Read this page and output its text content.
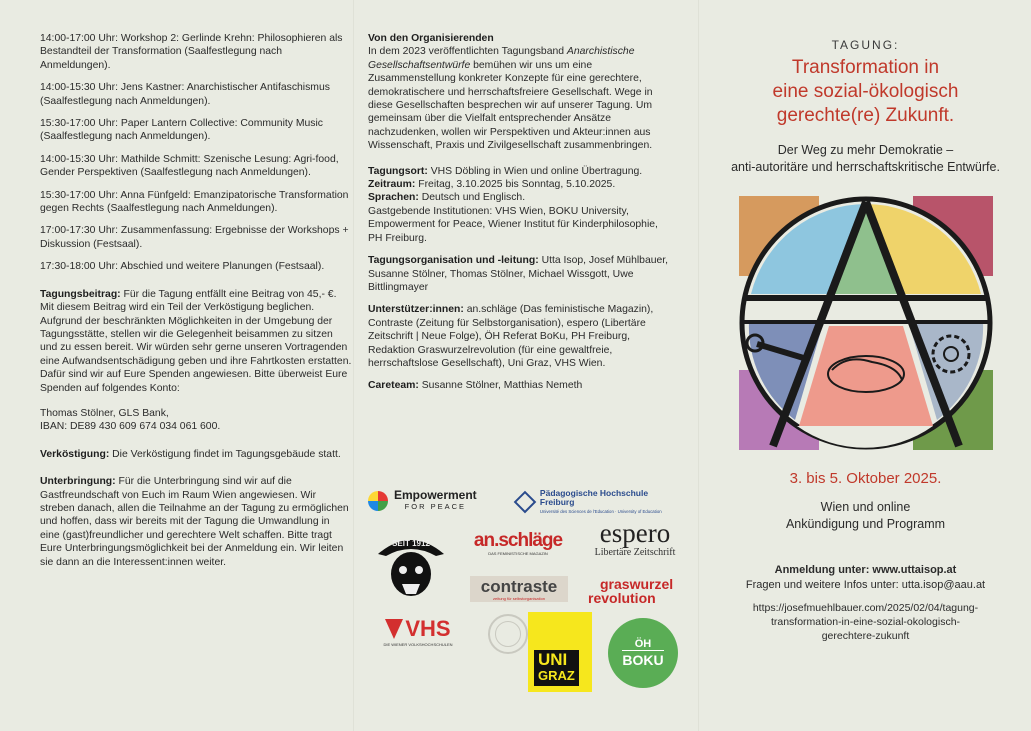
14:00-17:00 Uhr: Workshop 2: Gerlinde Krehn: Philosophieren als Bestandteil der Transformation (Saalfestlegung nach Anmeldungen).

14:00-15:30 Uhr: Jens Kastner: Anarchistischer Antifaschismus (Saalfestlegung nach Anmeldungen).

15:30-17:00 Uhr: Paper Lantern Collective: Community Music (Saalfestlegung nach Anmeldungen).

14:00-15:30 Uhr: Mathilde Schmitt: Szenische Lesung: Agri-food, Gender Perspektiven (Saalfestlegung nach Anmeldungen).

15:30-17:00 Uhr: Anna Fünfgeld: Emanzipatorische Transformation gegen Rechts (Saalfestlegung nach Anmeldungen).

17:00-17:30 Uhr: Zusammenfassung: Ergebnisse der Workshops + Diskussion (Festsaal).

17:30-18:00 Uhr: Abschied und weitere Planungen (Festsaal).

Tagungsbeitrag: Für die Tagung entfällt eine Beitrag von 45,- €. Mit diesem Beitrag wird ein Teil der Verköstigung beglichen. Aufgrund der beschränkten Möglichkeiten in der Umgebung der Tagungsstätte, stellen wir die Gelegenheit beisammen zu sitzen und zu essen bereit. Wir würden sehr gerne unseren Vortragenden eine Aufwandsentschädigung geben und ihre Fahrtkosten erstatten. Dafür sind wir auf Eure Spenden angewiesen. Bitte überweist Eure Spenden auf folgendes Konto:

Thomas Stölner, GLS Bank,
IBAN: DE89 430 609 674 034 061 600.

Verköstigung: Die Verköstigung findet im Tagungsgebäude statt.

Unterbringung: Für die Unterbringung sind wir auf die Gastfreundschaft von Euch im Raum Wien angewiesen. Wir streben danach, allen die Teilnahme an der Tagung zu ermöglichen und hoffen, dass wir bereits mit der Tagung die Umwandlung in eine (gast)freundlicher und gerechtere Welt schaffen. Bitte tragt Eure Unterbringungsmöglichkeit bei der Anmeldung ein. Wir leiten sie dann an die Interessent:innen weiter.

Von den Organisierenden
In dem 2023 veröffentlichten Tagungsband Anarchistische Gesellschaftsentwürfe bemühen wir uns um eine Zusammenstellung konkreter Konzepte für eine gerechtere, demokratischere und herrschaftsfreiere Gesellschaft. Wege in diese Gesellschaften besprechen wir auf unserer Tagung. Um gemeinsam über die Vielfalt entsprechender Ansätze nachzudenken, wollen wir Perspektiven und Akteur:innen aus Wissenschaft, Praxis und Zivilgesellschaft zusammenbringen.

Tagungsort: VHS Döbling in Wien und online Übertragung.
Zeitraum: Freitag, 3.10.2025 bis Sonntag, 5.10.2025.
Sprachen: Deutsch und Englisch.
Gastgebende Institutionen: VHS Wien, BOKU University, Empowerment for Peace, Wiener Institut für Kinderphilosophie, PH Freiburg.

Tagungsorganisation und -leitung: Utta Isop, Josef Mühlbauer, Susanne Stölner, Thomas Stölner, Michael Wissgott, Uwe Bittlingmayer

Unterstützer:innen: an.schläge (Das feministische Magazin), Contraste (Zeitung für Selbstorganisation), espero (Libertäre Zeitschrift | Neue Folge), ÖH Referat BoKu, PH Freiburg, Redaktion Graswurzelrevolution (für eine gewaltfreie, herrschaftslose Gesellschaft), Uni Graz, VHS Wien.

Careteam: Susanne Stölner, Matthias Nemeth

Empowerment
FOR PEACE
Pädagogische Hochschule Freiburg
Université des Sciences de l'Education · University of Education
SEIT 1912 an.schläge
DAS FEMINISTISCHE MAGAZIN
espero
Libertäre Zeitschrift
contraste
zeitung für selbstorganisation
graswurzel
revolution
VHS
DIE WIENER VOLKSHOCHSCHULEN
UNI
GRAZ
ÖH
BOKU

TAGUNG:

Transformation in
eine sozial-ökologisch
gerechte(re) Zukunft.

Der Weg zu mehr Demokratie –
anti-autoritäre und herrschaftskritische Entwürfe.

3. bis 5. Oktober 2025.

Wien und online
Ankündigung und Programm

Anmeldung unter: www.uttaisop.at

Fragen und weitere Infos unter: utta.isop@aau.at

https://josefmuehlbauer.com/2025/02/04/tagung-
transformation-in-eine-sozial-okologisch-
gerechtere-zukunft
